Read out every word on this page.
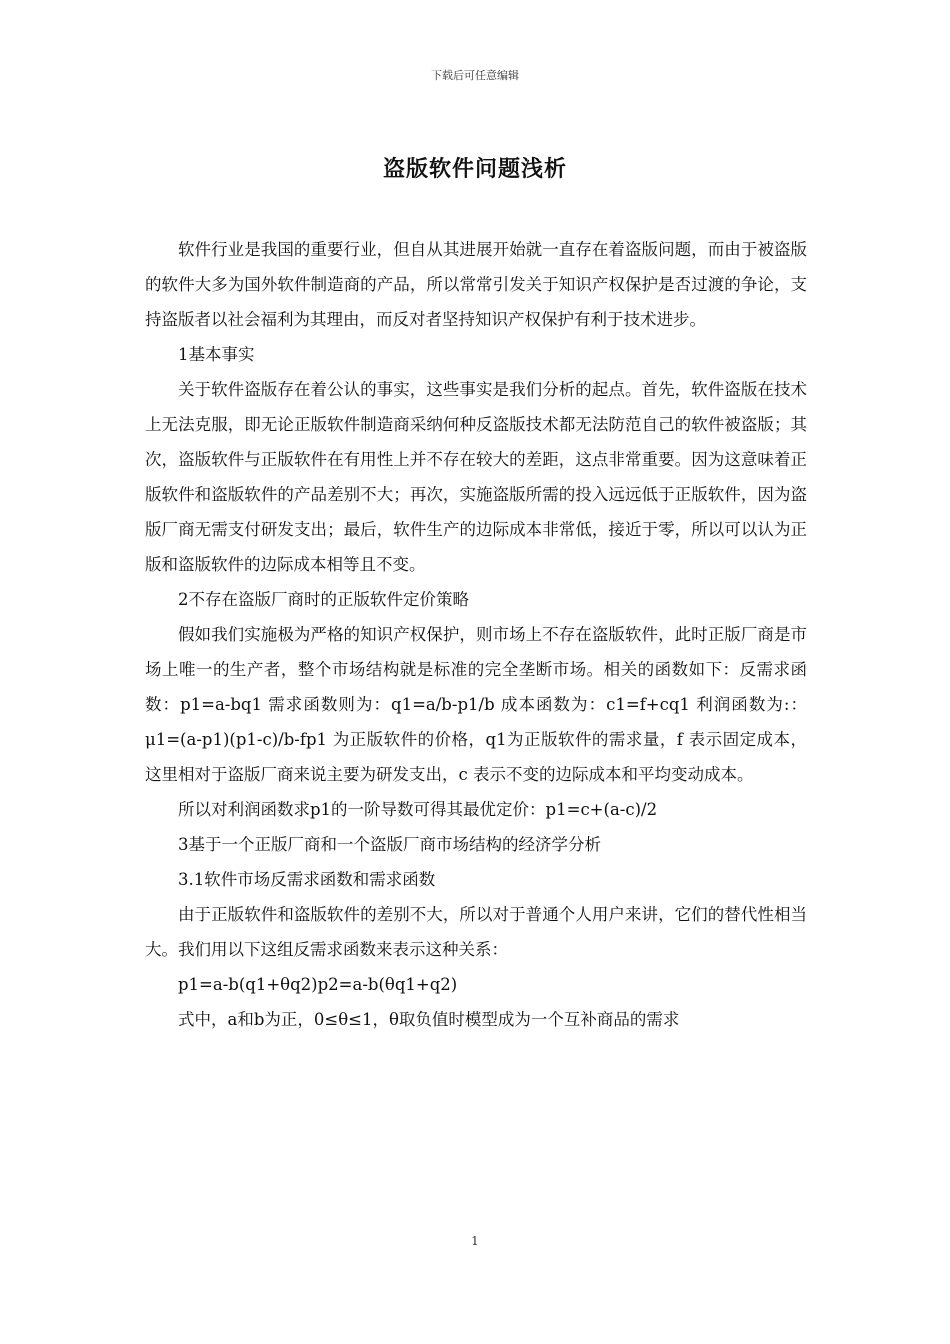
下载后可任意编辑
盗版软件问题浅析

软件行业是我国的重要行业，但自从其进展开始就一直存在着盗版问题，而由于被盗版的软件大多为国外软件制造商的产品，所以常常引发关于知识产权保护是否过渡的争论，支持盗版者以社会福利为其理由，而反对者坚持知识产权保护有利于技术进步。

1基本事实

关于软件盗版存在着公认的事实，这些事实是我们分析的起点。首先，软件盗版在技术上无法克服，即无论正版软件制造商采纳何种反盗版技术都无法防范自己的软件被盗版；其次，盗版软件与正版软件在有用性上并不存在较大的差距，这点非常重要。因为这意味着正版软件和盗版软件的产品差别不大；再次，实施盗版所需的投入远远低于正版软件，因为盗版厂商无需支付研发支出；最后，软件生产的边际成本非常低，接近于零，所以可以认为正版和盗版软件的边际成本相等且不变。

2不存在盗版厂商时的正版软件定价策略

假如我们实施极为严格的知识产权保护，则市场上不存在盗版软件，此时正版厂商是市场上唯一的生产者，整个市场结构就是标准的完全垄断市场。相关的函数如下：反需求函数：p1=a-bq1 需求函数则为：q1=a/b-p1/b 成本函数为：c1=f+cq1 利润函数为:：μ1=(a-p1)(p1-c)/b-fp1 为正版软件的价格，q1为正版软件的需求量，f 表示固定成本，这里相对于盗版厂商来说主要为研发支出，c 表示不变的边际成本和平均变动成本。

所以对利润函数求p1的一阶导数可得其最优定价：p1=c+(a-c)/2

3基于一个正版厂商和一个盗版厂商市场结构的经济学分析

3.1软件市场反需求函数和需求函数

由于正版软件和盗版软件的差别不大，所以对于普通个人用户来讲，它们的替代性相当大。我们用以下这组反需求函数来表示这种关系：

p1=a-b(q1+θq2)p2=a-b(θq1+q2)

式中，a和b为正，0≤θ≤1，θ取负值时模型成为一个互补商品的需求

1
